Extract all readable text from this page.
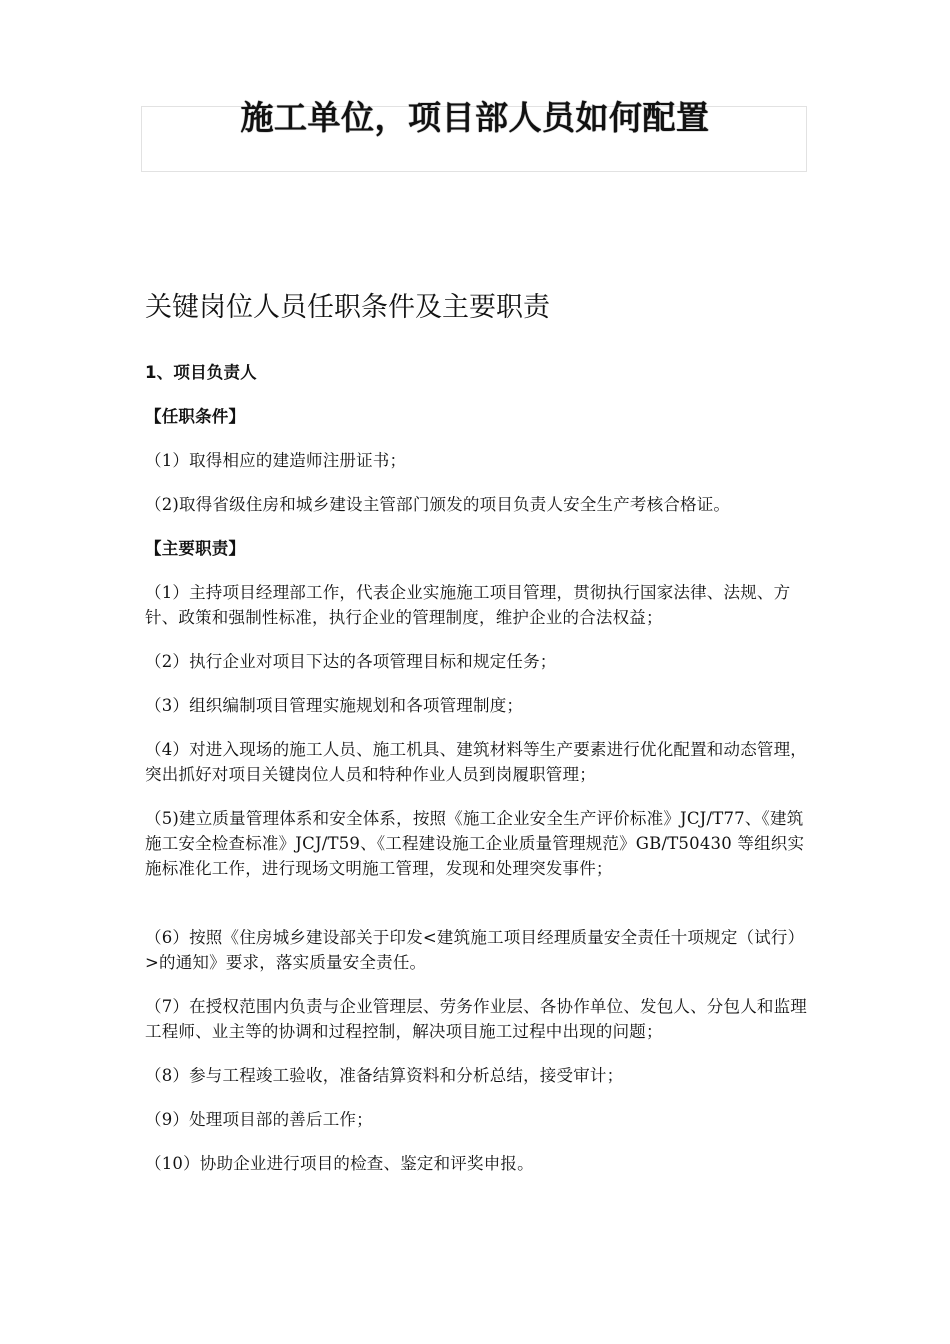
施工单位，项目部人员如何配置
关键岗位人员任职条件及主要职责

1、项目负责人

【任职条件】

（1）取得相应的建造师注册证书；

（2)取得省级住房和城乡建设主管部门颁发的项目负责人安全生产考核合格证。

【主要职责】

（1）主持项目经理部工作，代表企业实施施工项目管理，贯彻执行国家法律、法规、方针、政策和强制性标准，执行企业的管理制度，维护企业的合法权益；

（2）执行企业对项目下达的各项管理目标和规定任务；

（3）组织编制项目管理实施规划和各项管理制度；

（4）对进入现场的施工人员、施工机具、建筑材料等生产要素进行优化配置和动态管理，突出抓好对项目关键岗位人员和特种作业人员到岗履职管理；

（5)建立质量管理体系和安全体系，按照《施工企业安全生产评价标准》JCJ/T77、《建筑施工安全检查标准》JCJ/T59、《工程建设施工企业质量管理规范》GB/T50430 等组织实施标准化工作，进行现场文明施工管理，发现和处理突发事件；

（6）按照《住房城乡建设部关于印发<建筑施工项目经理质量安全责任十项规定（试行）>的通知》要求，落实质量安全责任。

（7）在授权范围内负责与企业管理层、劳务作业层、各协作单位、发包人、分包人和监理工程师、业主等的协调和过程控制，解决项目施工过程中出现的问题；

（8）参与工程竣工验收，准备结算资料和分析总结，接受审计；

（9）处理项目部的善后工作；

（10）协助企业进行项目的检查、鉴定和评奖申报。
